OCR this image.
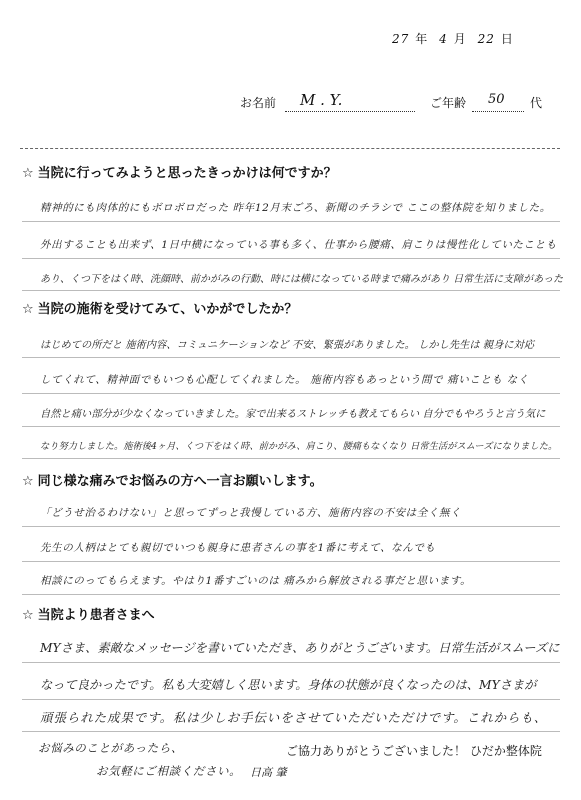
27 年 4 月 22 日
お名前 M . Y.	ご年齢 50 代
☆ 当院に行ってみようと思ったきっかけは何ですか？
精神的にも肉体的にもボロボロだった 昨年12月末ごろ、新聞のチラシで ここの整体院を知りました。
外出することも出来ず、1日中横になっている事も多く、仕事から腰痛、肩こりは慢性化していたことも
あり、くつ下をはく時、洗顔時、前かがみの行動、時には横になっている時まで痛みがあり 日常生活に支障があった
☆ 当院の施術を受けてみて、いかがでしたか？
はじめての所だと 施術内容、コミュニケーションなど 不安、緊張がありました。 しかし先生は 親身に対応
してくれて、精神面でもいつも心配してくれました。 施術内容もあっという間で 痛いことも なく
自然と痛い部分が少なくなっていきました。家で出来るストレッチも教えてもらい 自分でもやろうと言う気に
なり努力しました。施術後4ヶ月、くつ下をはく時、前かがみ、肩こり、腰痛もなくなり 日常生活がスムーズになりました。
☆ 同じ様な痛みでお悩みの方へ一言お願いします。
「どうせ治るわけない」と思ってずっと我慢している方、施術内容の不安は全く無く
先生の人柄はとても親切でいつも親身に患者さんの事を1番に考えて、なんでも
相談にのってもらえます。やはり1番すごいのは 痛みから解放される事だと思います。
☆ 当院より患者さまへ
MYさま、素敵なメッセージを書いていただき、ありがとうございます。日常生活がスムーズに
なって良かったです。私も大変嬉しく思います。身体の状態が良くなったのは、MYさまが
頑張られた成果です。私は少しお手伝いをさせていただいただけです。これからも、
お悩みのことがあったら、
お気軽にご相談ください。
ご協力ありがとうございました！ ひだか整体院
日高 肇
